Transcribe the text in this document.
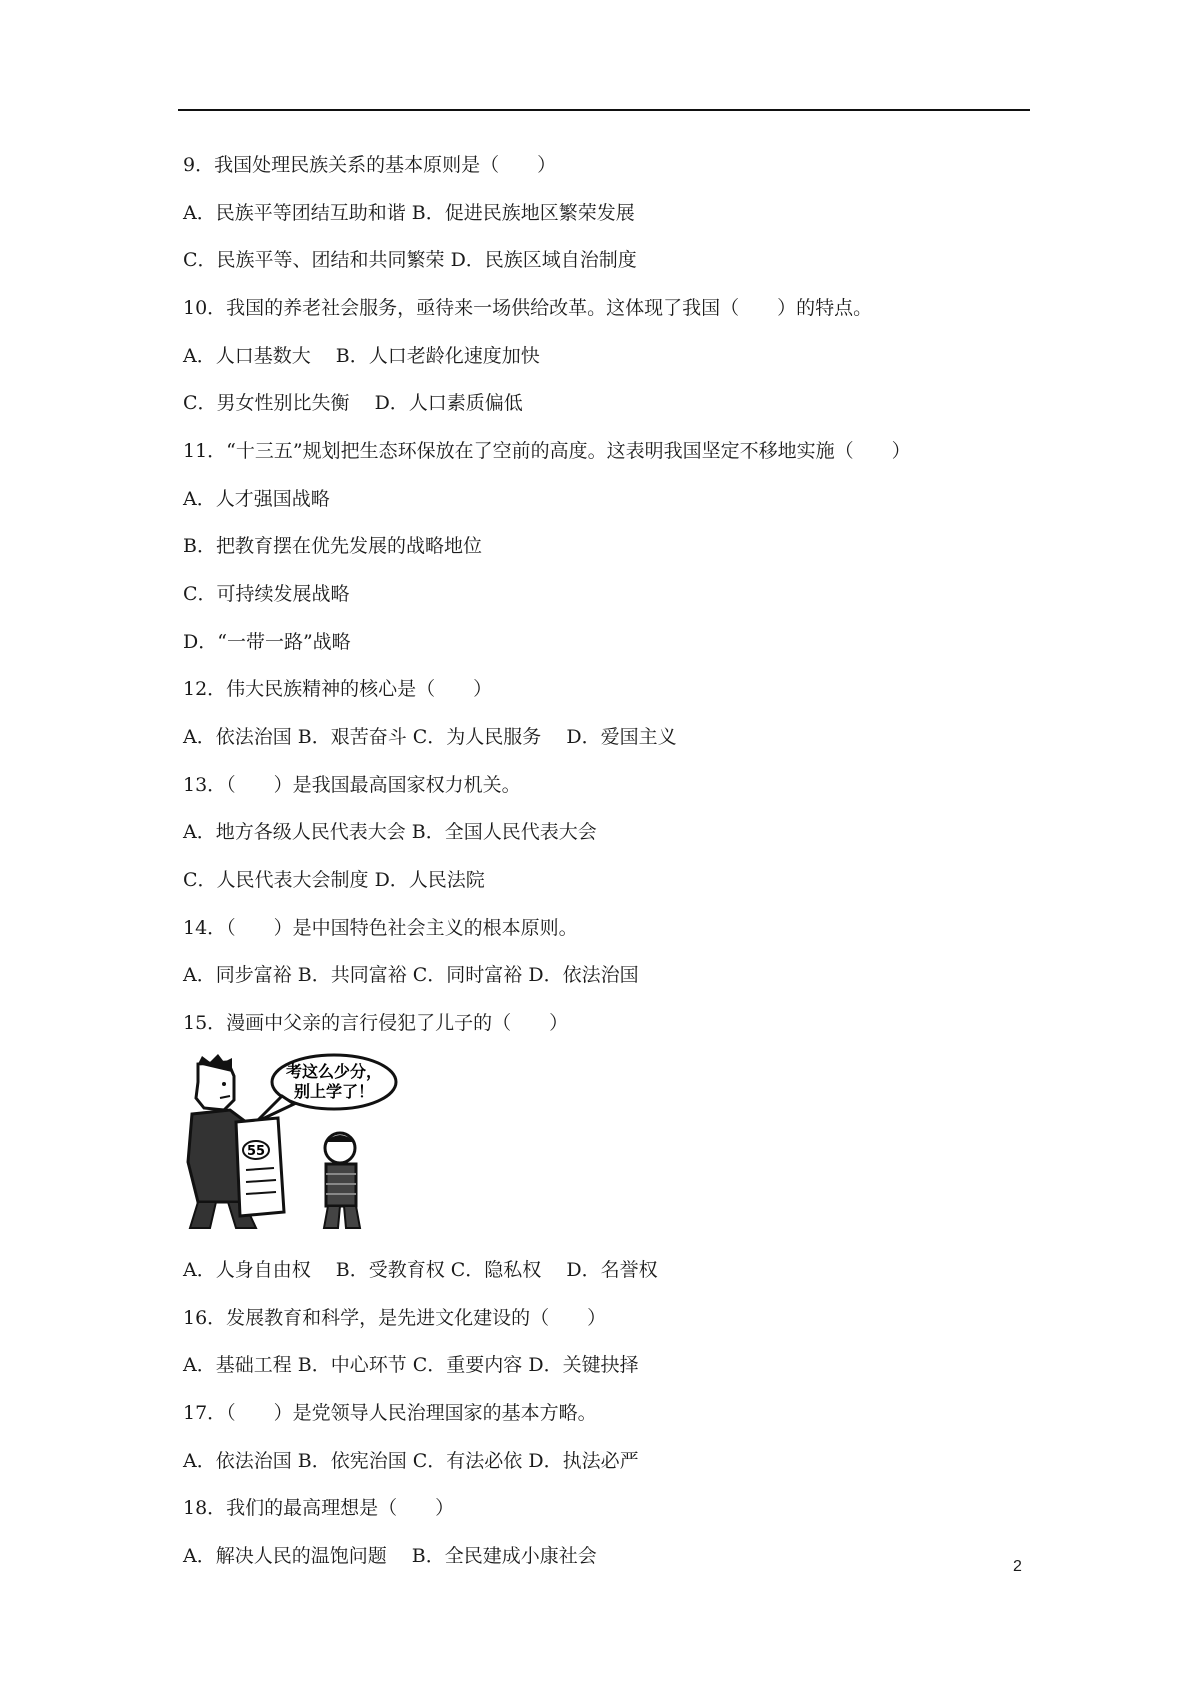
9．我国处理民族关系的基本原则是（　　）
A．民族平等团结互助和谐 B．促进民族地区繁荣发展
C．民族平等、团结和共同繁荣 D．民族区域自治制度
10．我国的养老社会服务，亟待来一场供给改革。这体现了我国（　　）的特点。
A．人口基数大　 B．人口老龄化速度加快
C．男女性别比失衡　 D．人口素质偏低
11．“十三五”规划把生态环保放在了空前的高度。这表明我国坚定不移地实施（　　）
A．人才强国战略
B．把教育摆在优先发展的战略地位
C．可持续发展战略
D．“一带一路”战略
12．伟大民族精神的核心是（　　）
A．依法治国 B．艰苦奋斗 C．为人民服务　 D．爱国主义
13．（　　）是我国最高国家权力机关。
A．地方各级人民代表大会 B．全国人民代表大会
C．人民代表大会制度 D．人民法院
14．（　　）是中国特色社会主义的根本原则。
A．同步富裕 B．共同富裕 C．同时富裕 D．依法治国
15．漫画中父亲的言行侵犯了儿子的（　　）
考这么少分，
别上学了！
55
A．人身自由权　 B．受教育权 C．隐私权　 D．名誉权
16．发展教育和科学，是先进文化建设的（　　）
A．基础工程 B．中心环节 C．重要内容 D．关键抉择
17．（　　）是党领导人民治理国家的基本方略。
A．依法治国 B．依宪治国 C．有法必依 D．执法必严
18．我们的最高理想是（　　）
A．解决人民的温饱问题　 B．全民建成小康社会	2
